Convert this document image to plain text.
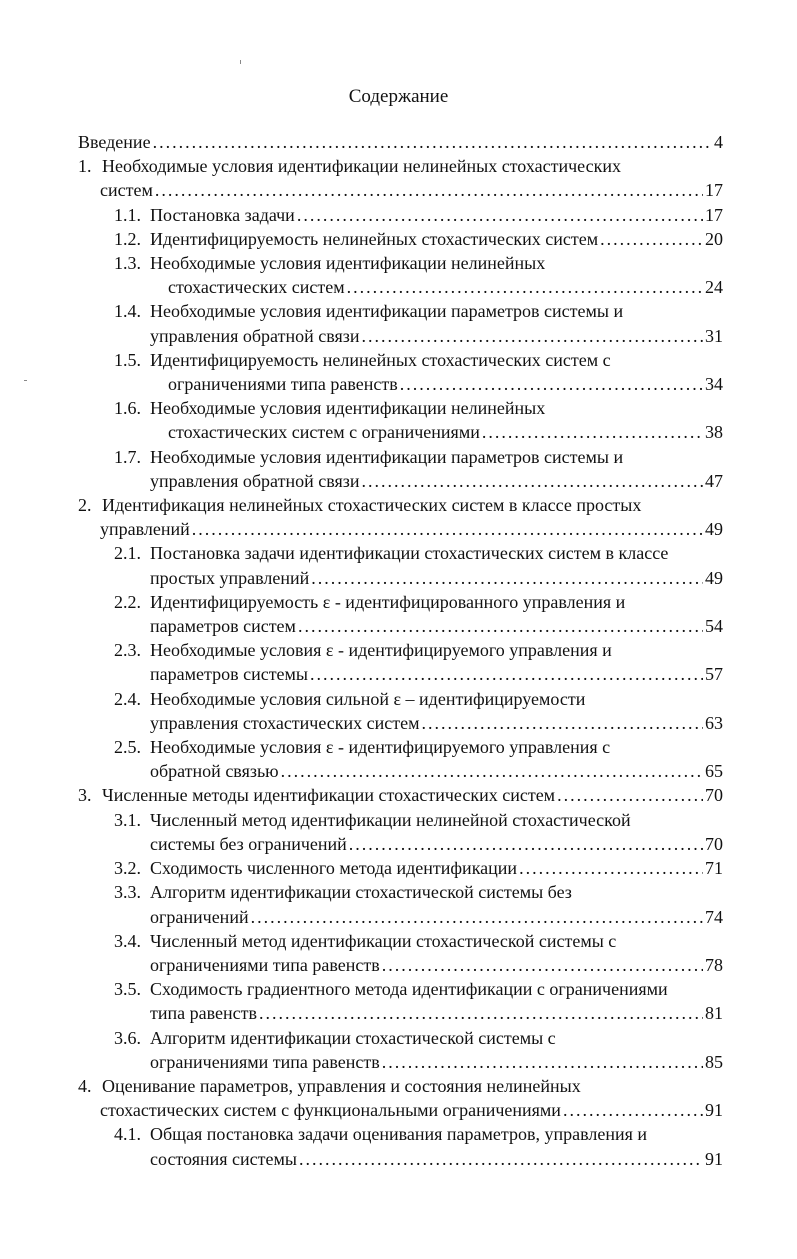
Содержание
Введение .....	4
1. Необходимые условия идентификации нелинейных стохастических
систем .....	17
1.1. Постановка задачи .....	17
1.2. Идентифицируемость нелинейных стохастических систем .....	20
1.3. Необходимые условия идентификации нелинейных
стохастических систем .....	24
1.4. Необходимые условия идентификации параметров системы и
управления обратной связи .....	31
1.5. Идентифицируемость нелинейных стохастических систем с
ограничениями типа равенств .....	34
1.6. Необходимые условия идентификации нелинейных
стохастических систем с ограничениями .....	38
1.7. Необходимые условия идентификации параметров системы и
управления обратной связи .....	47
2. Идентификация нелинейных стохастических систем в классе простых
управлений .....	49
2.1. Постановка задачи идентификации стохастических систем в классе
простых управлений .....	49
2.2. Идентифицируемость ε - идентифицированного управления и
параметров систем .....	54
2.3. Необходимые условия ε - идентифицируемого управления и
параметров системы .....	57
2.4. Необходимые условия сильной ε – идентифицируемости
управления стохастических систем .....	63
2.5. Необходимые условия ε - идентифицируемого управления с
обратной связью .....	65
3. Численные методы идентификации стохастических систем .....	70
3.1. Численный метод идентификации нелинейной стохастической
системы без ограничений .....	70
3.2. Сходимость численного метода идентификации .....	71
3.3. Алгоритм идентификации стохастической системы без
ограничений .....	74
3.4. Численный метод идентификации стохастической системы с
ограничениями типа равенств .....	78
3.5. Сходимость градиентного метода идентификации с ограничениями
типа равенств .....	81
3.6. Алгоритм идентификации стохастической системы с
ограничениями типа равенств .....	85
4. Оценивание параметров, управления и состояния нелинейных
стохастических систем с функциональными ограничениями .....	91
4.1. Общая постановка задачи оценивания параметров, управления и
состояния системы .....	91
